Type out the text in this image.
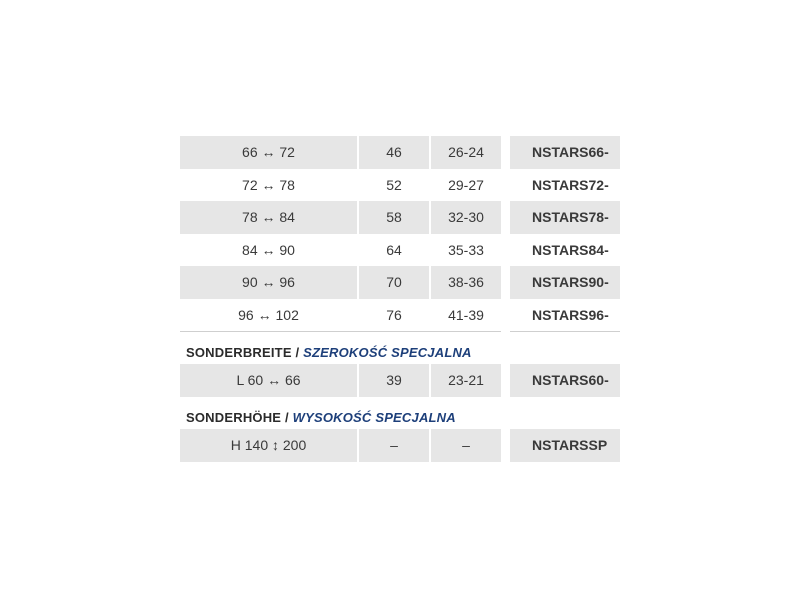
66 ↔ 72	46	26-24	NSTARS66-
72 ↔ 78	52	29-27	NSTARS72-
78 ↔ 84	58	32-30	NSTARS78-
84 ↔ 90	64	35-33	NSTARS84-
90 ↔ 96	70	38-36	NSTARS90-
96 ↔ 102	76	41-39	NSTARS96-
SONDERBREITE / SZEROKOŚĆ SPECJALNA
L 60 ↔ 66	39	23-21	NSTARS60-
SONDERHÖHE / WYSOKOŚĆ SPECJALNA
H 140 ↕ 200	–	–	NSTARSSP
